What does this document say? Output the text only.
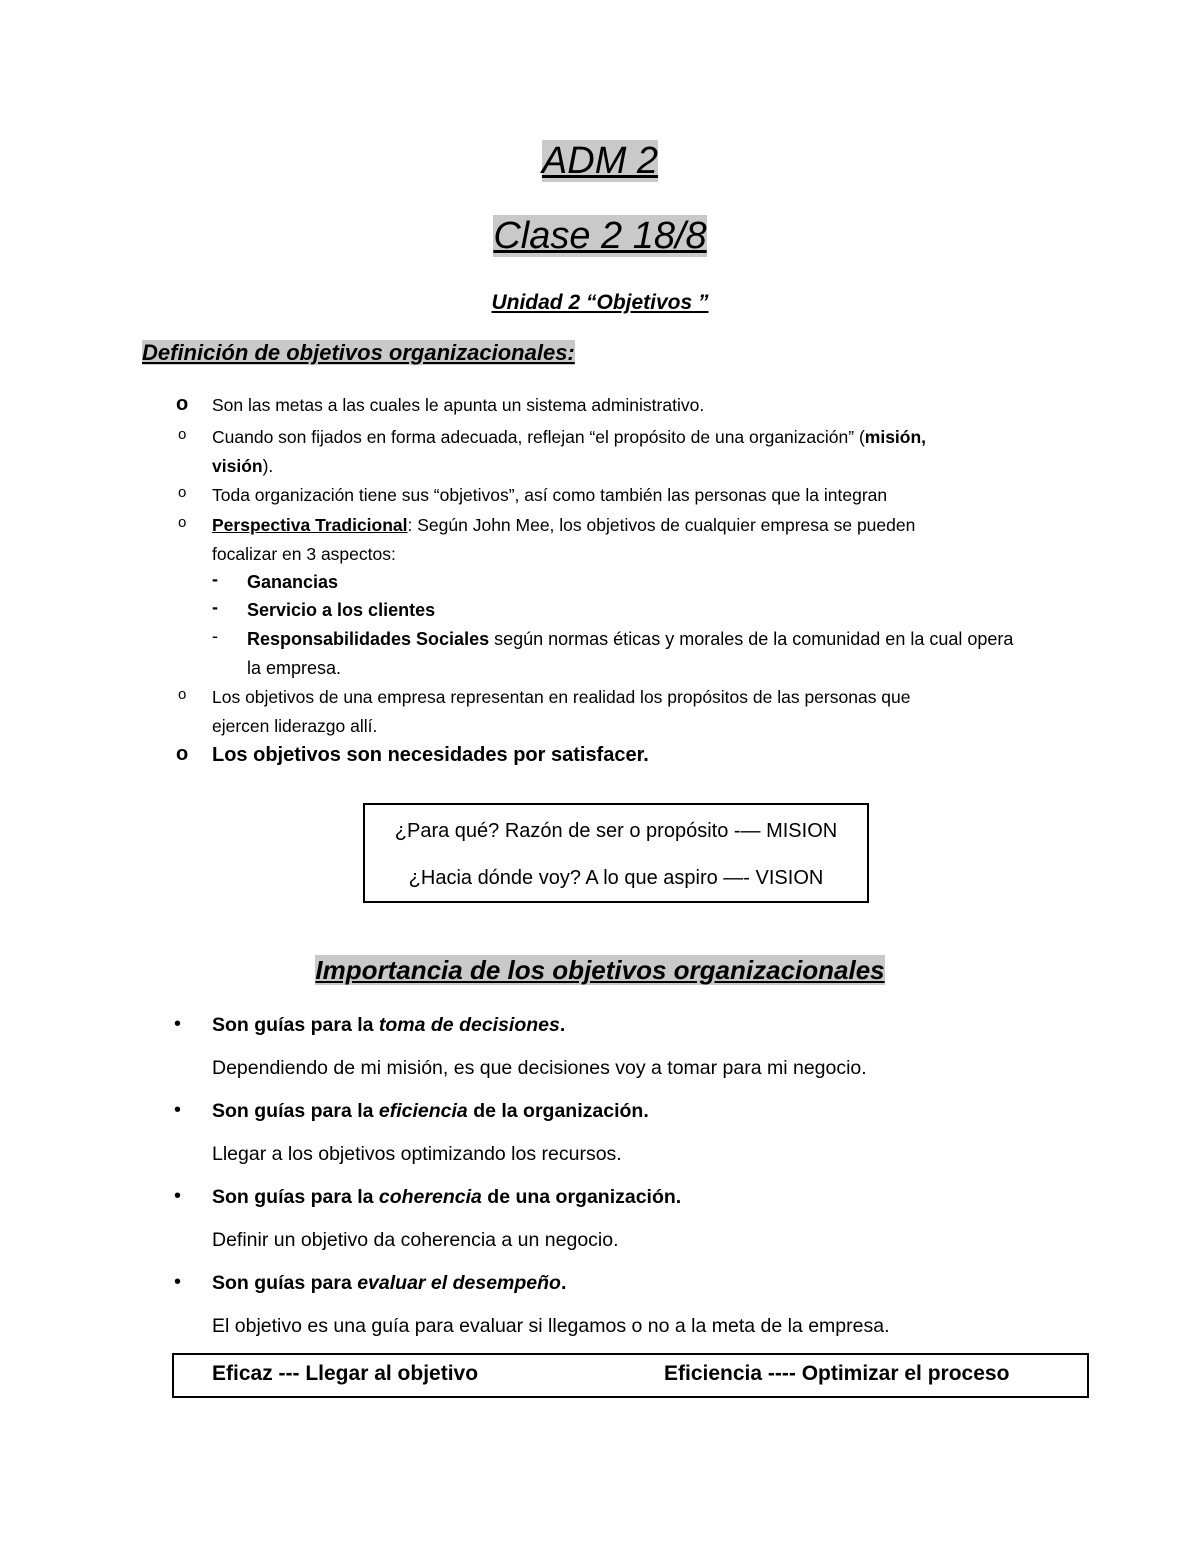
ADM 2
Clase 2 18/8
Unidad 2 “Objetivos ”
Definición de objetivos organizacionales:
o Son las metas a las cuales le apunta un sistema administrativo.
o Cuando son fijados en forma adecuada, reflejan “el propósito de una organización” (misión,
visión).
o Toda organización tiene sus “objetivos”, así como también las personas que la integran
o Perspectiva Tradicional: Según John Mee, los objetivos de cualquier empresa se pueden
focalizar en 3 aspectos:
- Ganancias
- Servicio a los clientes
- Responsabilidades Sociales según normas éticas y morales de la comunidad en la cual opera
la empresa.
o Los objetivos de una empresa representan en realidad los propósitos de las personas que
ejercen liderazgo allí.
o Los objetivos son necesidades por satisfacer.
¿Para qué? Razón de ser o propósito -— MISION
¿Hacia dónde voy? A lo que aspiro —- VISION
Importancia de los objetivos organizacionales
• Son guías para la toma de decisiones.
Dependiendo de mi misión, es que decisiones voy a tomar para mi negocio.
• Son guías para la eficiencia de la organización.
Llegar a los objetivos optimizando los recursos.
• Son guías para la coherencia de una organización.
Definir un objetivo da coherencia a un negocio.
• Son guías para evaluar el desempeño.
El objetivo es una guía para evaluar si llegamos o no a la meta de la empresa.
Eficaz --- Llegar al objetivo	Eficiencia ---- Optimizar el proceso
